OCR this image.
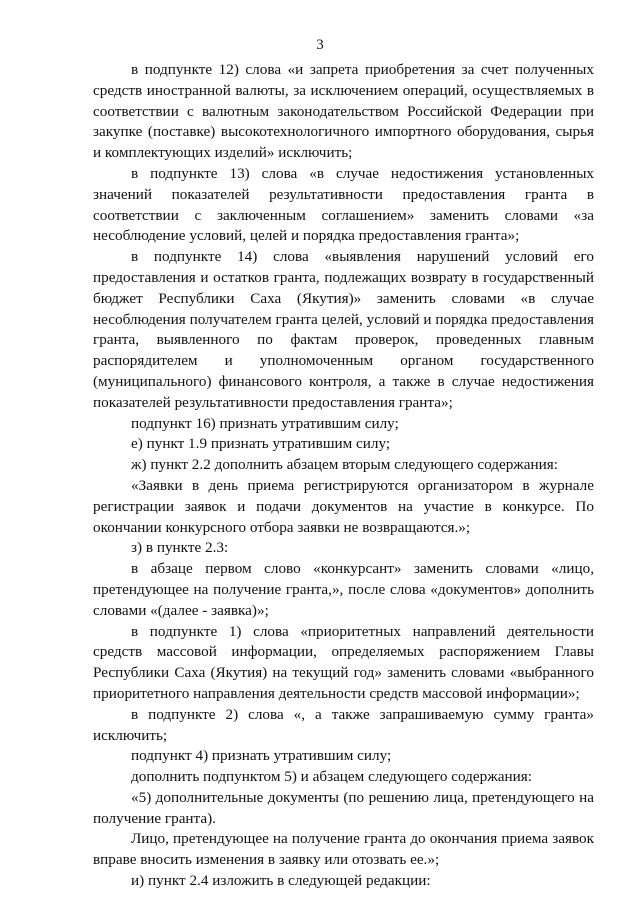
3

в подпункте 12) слова «и запрета приобретения за счет полученных средств иностранной валюты, за исключением операций, осуществляемых в соответствии с валютным законодательством Российской Федерации при закупке (поставке) высокотехнологичного импортного оборудования, сырья и комплектующих изделий» исключить;

в подпункте 13) слова «в случае недостижения установленных значений показателей результативности предоставления гранта в соответствии с заключенным соглашением» заменить словами «за несоблюдение условий, целей и порядка предоставления гранта»;

в подпункте 14) слова «выявления нарушений условий его предоставления и остатков гранта, подлежащих возврату в государственный бюджет Республики Саха (Якутия)» заменить словами «в случае несоблюдения получателем гранта целей, условий и порядка предоставления гранта, выявленного по фактам проверок, проведенных главным распорядителем и уполномоченным органом государственного (муниципального) финансового контроля, а также в случае недостижения показателей результативности предоставления гранта»;

подпункт 16) признать утратившим силу;

е) пункт 1.9 признать утратившим силу;

ж) пункт 2.2 дополнить абзацем вторым следующего содержания:

«Заявки в день приема регистрируются организатором в журнале регистрации заявок и подачи документов на участие в конкурсе. По окончании конкурсного отбора заявки не возвращаются.»;

з) в пункте 2.3:

в абзаце первом слово «конкурсант» заменить словами «лицо, претендующее на получение гранта,», после слова «документов» дополнить словами «(далее - заявка)»;

в подпункте 1) слова «приоритетных направлений деятельности средств массовой информации, определяемых распоряжением Главы Республики Саха (Якутия) на текущий год» заменить словами «выбранного приоритетного направления деятельности средств массовой информации»;

в подпункте 2) слова «, а также запрашиваемую сумму гранта» исключить;

подпункт 4) признать утратившим силу;

дополнить подпунктом 5) и абзацем следующего содержания:

«5) дополнительные документы (по решению лица, претендующего на получение гранта).

Лицо, претендующее на получение гранта до окончания приема заявок вправе вносить изменения в заявку или отозвать ее.»;

и) пункт 2.4 изложить в следующей редакции:
